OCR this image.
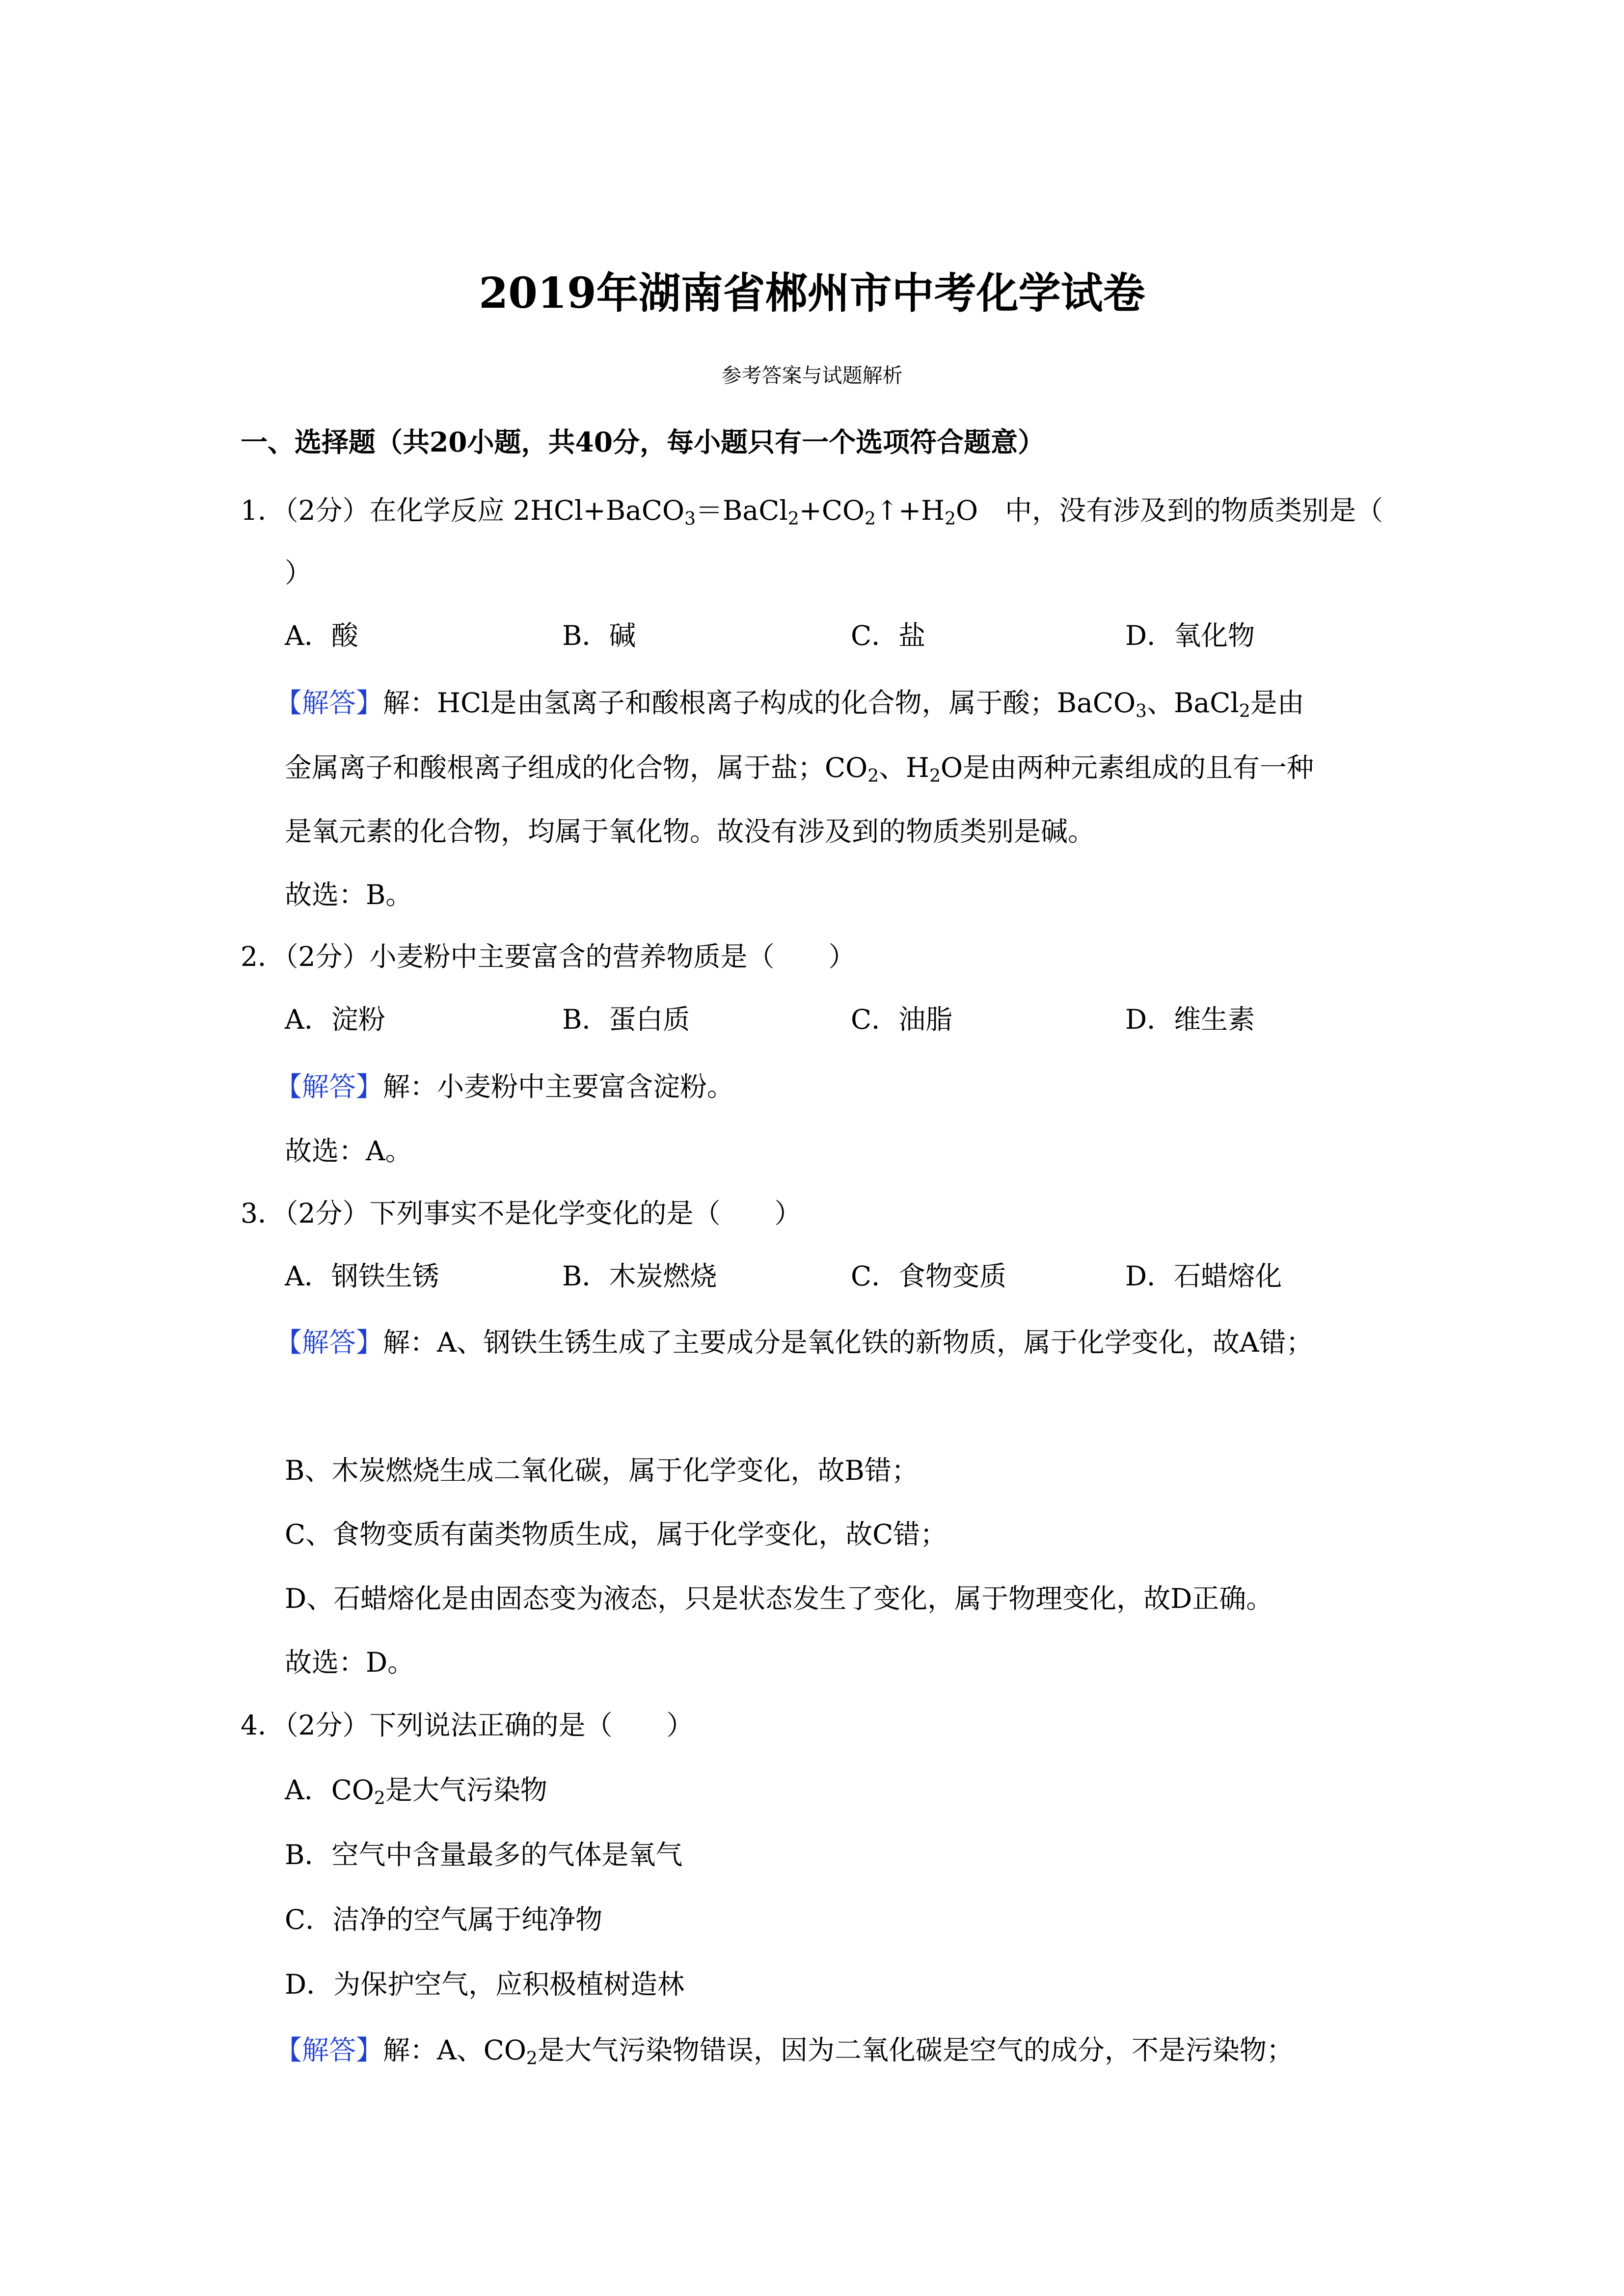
2019年湖南省郴州市中考化学试卷
参考答案与试题解析
一、选择题（共20小题，共40分，每小题只有一个选项符合题意）
1．（2分）在化学反应 $2HCl+BaCO_3=BaCl_2+CO_2↑+H_2O$　中，没有涉及到的物质类别是（
）
A．酸	B．碱	C．盐	D．氧化物
【解答】解：HCl是由氢离子和酸根离子构成的化合物，属于酸；BaCO$_3$、BaCl$_2$是由
金属离子和酸根离子组成的化合物，属于盐；$CO_2$、$H_2O$是由两种元素组成的且有一种
是氧元素的化合物，均属于氧化物。故没有涉及到的物质类别是碱。
故选：B。
2．（2分）小麦粉中主要富含的营养物质是（　　）
A．淀粉	B．蛋白质	C．油脂	D．维生素
【解答】解：小麦粉中主要富含淀粉。
故选：A。
3．（2分）下列事实不是化学变化的是（　　）
A．钢铁生锈	B．木炭燃烧	C．食物变质	D．石蜡熔化
【解答】解：A、钢铁生锈生成了主要成分是氧化铁的新物质，属于化学变化，故A错；
B、木炭燃烧生成二氧化碳，属于化学变化，故B错；
C、食物变质有菌类物质生成，属于化学变化，故C错；
D、石蜡熔化是由固态变为液态，只是状态发生了变化，属于物理变化，故D正确。
故选：D。
4．（2分）下列说法正确的是（　　）
A．$CO_2$是大气污染物
B．空气中含量最多的气体是氧气
C．洁净的空气属于纯净物
D．为保护空气，应积极植树造林
【解答】解：A、$CO_2$是大气污染物错误，因为二氧化碳是空气的成分，不是污染物；
